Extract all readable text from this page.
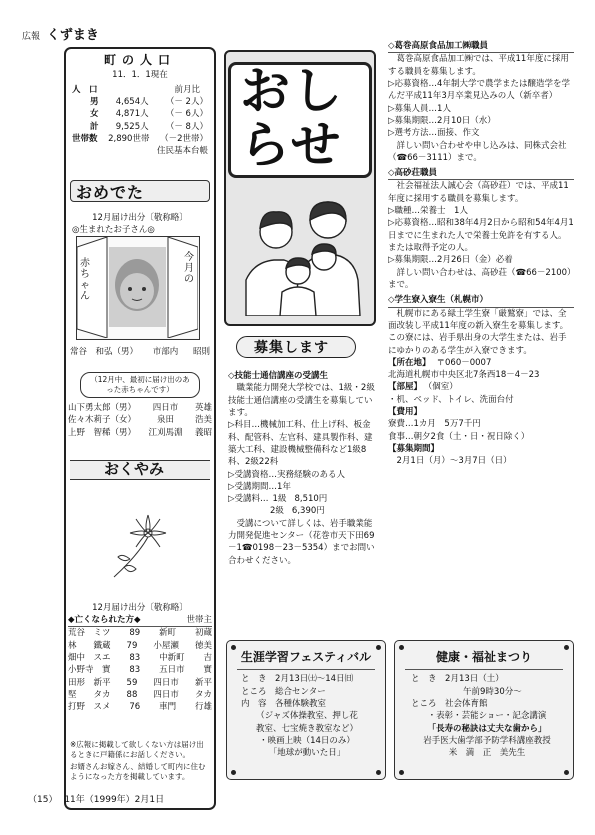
広報 くずまき
町の人口
11．1．1現在
人　口	前月比
男 4,654人 （－ 2人）
女 4,871人 （－ 6人）
計 9,525人 （－ 8人）
世帯数 2,890世帯 （－2世帯）
住民基本台帳
おめでた
12月届け出分〔敬称略〕
◎生まれたお子さん◎
赤ちゃん
今月の
常谷　和弘（男） 市部内 昭則
（12月中、最初に届け出のあった赤ちゃんです）
山下勇太郎（男） 四日市 英雄
佐々木莉子（女） 泉田 浩美
上野　智稀（男） 江刈馬淵 義昭
おくやみ
12月届け出分〔敬称略〕
◆亡くなられた方◆	世帯主
荒谷　ミツ 89 新町 初蔵
林　　鐵蔵 79 小屋瀬 徳美
畑中　スエ 83 中新町 吉
小野寺　實 83 五日市 實
田形　新平 59 四日市 新平
堅　　タカ 88 四日市 タカ
打野　スメ 76 車門 行雄
※広報に掲載して欲しくない方は届け出るときに戸籍係にお話しください。
お婿さんお嫁さん、結婚して町内に住むようになった方を掲載しています。
おし
らせ
募集します
◇技能士通信講座の受講生
職業能力開発大学校では、1級・2級技能士通信講座の受講生を募集しています。
▷科目…機械加工科、仕上げ科、板金科、配管科、左官科、建具製作科、建築大工科、建設機械整備科など1級8科、2級22科
▷受講資格…実務経験のある人
▷受講期間…1年
▷受講料… 1級 8,510円
2級 6,390円
受講について詳しくは、岩手職業能力開発促進センター（花巻市天下田69－1☎0198－23－5354）までお問い合わせください。
◇葛巻高原食品加工㈱職員
葛巻高原食品加工㈱では、平成11年度に採用する職員を募集します。
▷応募資格…4年制大学で農学または醸造学を学んだ平成11年3月卒業見込みの人（新卒者）
▷募集人員…1人
▷募集期限…2月10日（水）
▷選考方法…面接、作文
詳しい問い合わせや申し込みは、同株式会社（☎66－3111）まで。
◇高砂荘職員
社会福祉法人誠心会（高砂荘）では、平成11年度に採用する職員を募集します。
▷職種…栄養士　1人
▷応募資格…昭和38年4月2日から昭和54年4月1日までに生まれた人で栄養士免許を有する人。または取得予定の人。
▷募集期限…2月26日（金）必着
詳しい問い合わせは、高砂荘（☎66－2100）まで。
◇学生寮入寮生（札幌市）
札幌市にある緑土学生寮「厳鷲寮」では、全面改装し平成11年度の新入寮生を募集します。この寮には、岩手県出身の大学生または、岩手にゆかりのある学生が入寮できます。
【所在地】 〒060－0007
北海道札幌市中央区北7条西18－4－23
【部屋】 （個室）
・机、ベッド、トイレ、洗面台付
【費用】
寮費…1カ月　5万7千円
食事…朝夕2食（土・日・祝日除く）
【募集期間】
2月1日（月）～3月7日（日）
生涯学習フェスティバル
と　き　 2月13日㈯～14日㈰
ところ　 総合センター
内　容　 各種体験教室
（ジャズ体操教室、押し花
教室、七宝焼き教室など）
・映画上映（14日のみ）
「地球が動いた日」
健康・福祉まつり
と　き　 2月13日（土）
午前9時30分～
ところ　 社会体育館
・表彰・芸能ショー・記念講演
「長寿の秘訣は丈夫な歯から」
岩手医大歯学部予防学科講座教授
米　満　正　美先生
（15） 11年（1999年）2月1日
